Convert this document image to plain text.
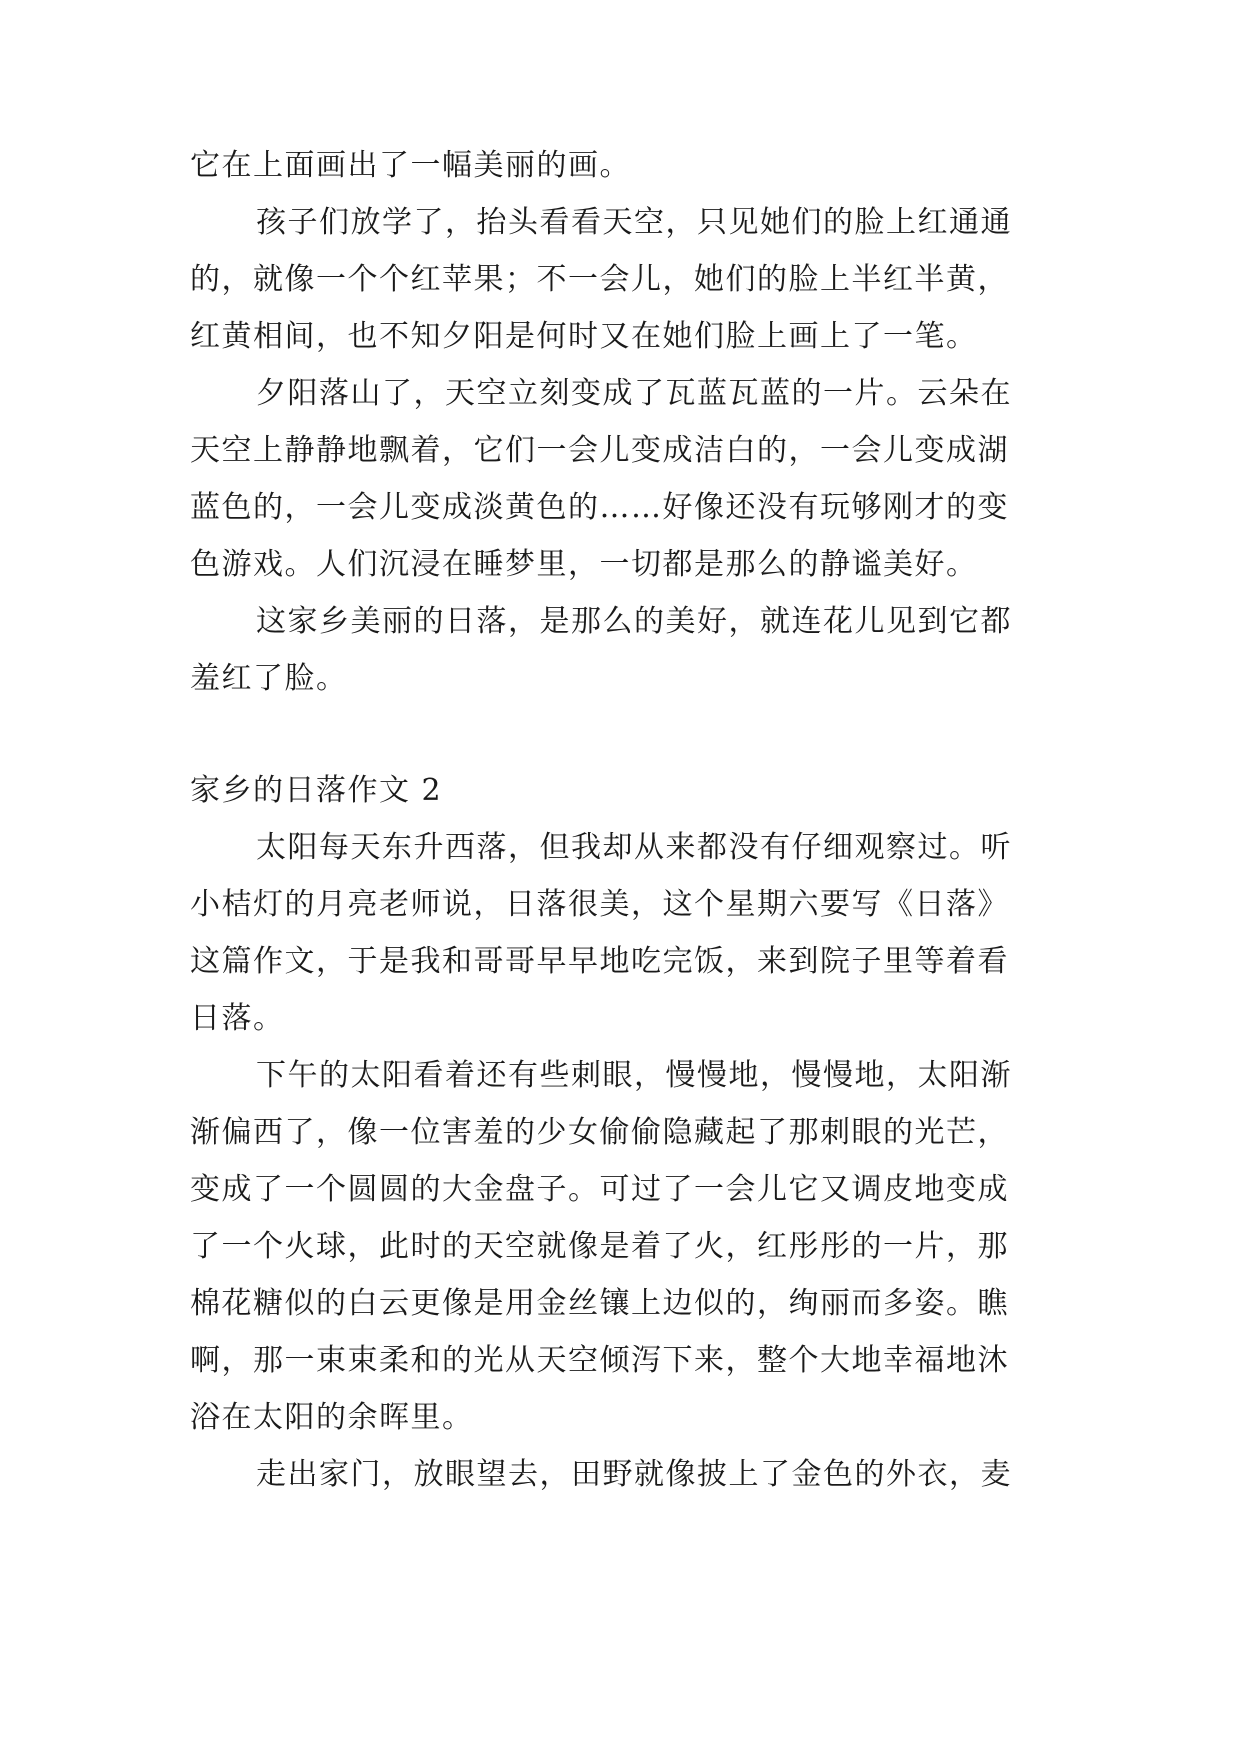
它在上面画出了一幅美丽的画。
孩子们放学了，抬头看看天空，只见她们的脸上红通通
的，就像一个个红苹果；不一会儿，她们的脸上半红半黄，
红黄相间，也不知夕阳是何时又在她们脸上画上了一笔。
夕阳落山了，天空立刻变成了瓦蓝瓦蓝的一片。云朵在
天空上静静地飘着，它们一会儿变成洁白的，一会儿变成湖
蓝色的，一会儿变成淡黄色的……好像还没有玩够刚才的变
色游戏。人们沉浸在睡梦里，一切都是那么的静谧美好。
这家乡美丽的日落，是那么的美好，就连花儿见到它都
羞红了脸。
家乡的日落作文 2
太阳每天东升西落，但我却从来都没有仔细观察过。听
小桔灯的月亮老师说，日落很美，这个星期六要写《日落》
这篇作文，于是我和哥哥早早地吃完饭，来到院子里等着看
日落。
下午的太阳看着还有些刺眼，慢慢地，慢慢地，太阳渐
渐偏西了，像一位害羞的少女偷偷隐藏起了那刺眼的光芒，
变成了一个圆圆的大金盘子。可过了一会儿它又调皮地变成
了一个火球，此时的天空就像是着了火，红彤彤的一片，那
棉花糖似的白云更像是用金丝镶上边似的，绚丽而多姿。瞧
啊，那一束束柔和的光从天空倾泻下来，整个大地幸福地沐
浴在太阳的余晖里。
走出家门，放眼望去，田野就像披上了金色的外衣，麦
